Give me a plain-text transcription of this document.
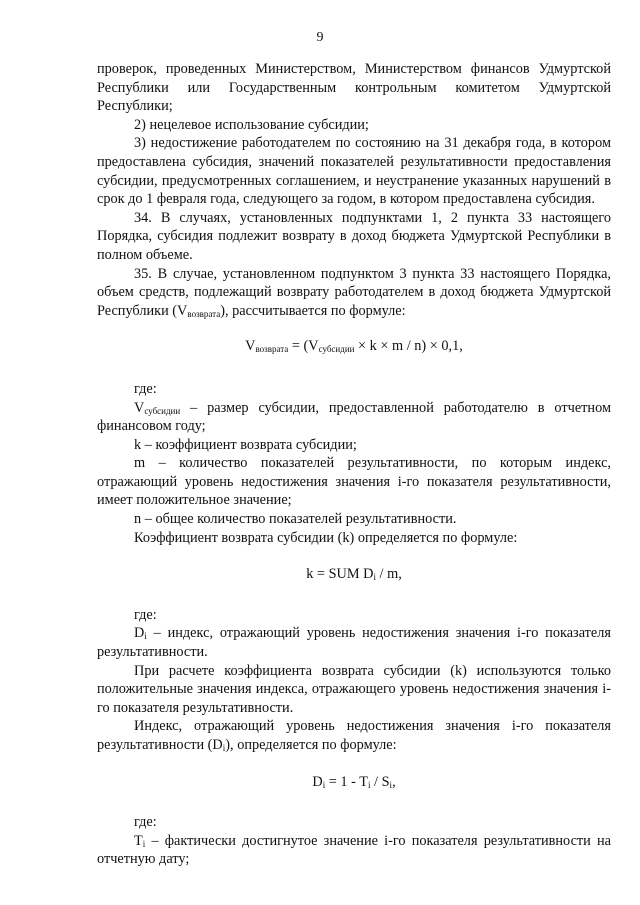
9

проверок, проведенных Министерством, Министерством финансов Удмуртской Республики или Государственным контрольным комитетом Удмуртской Республики;

2) нецелевое использование субсидии;

3) недостижение работодателем по состоянию на 31 декабря года, в котором предоставлена субсидия, значений показателей результативности предоставления субсидии, предусмотренных соглашением, и неустранение указанных нарушений в срок до 1 февраля года, следующего за годом, в котором предоставлена субсидия.

34. В случаях, установленных подпунктами 1, 2 пункта 33 настоящего Порядка, субсидия подлежит возврату в доход бюджета Удмуртской Республики в полном объеме.

35. В случае, установленном подпунктом 3 пункта 33 настоящего Порядка, объем средств, подлежащий возврату работодателем в доход бюджета Удмуртской Республики $(V_{возврата})$, рассчитывается по формуле:

$V_{возврата} = (V_{субсидии} \times k \times m / n) \times 0,1$,

где:

$V_{субсидии}$ – размер субсидии, предоставленной работодателю в отчетном финансовом году;

k – коэффициент возврата субсидии;

m – количество показателей результативности, по которым индекс, отражающий уровень недостижения значения i-го показателя результативности, имеет положительное значение;

n – общее количество показателей результативности.

Коэффициент возврата субсидии (k) определяется по формуле:

k = SUM $D_i$ / m,

где:

$D_i$ – индекс, отражающий уровень недостижения значения i-го показателя результативности.

При расчете коэффициента возврата субсидии (k) используются только положительные значения индекса, отражающего уровень недостижения значения i-го показателя результативности.

Индекс, отражающий уровень недостижения значения i-го показателя результативности $(D_i)$, определяется по формуле:

$D_i = 1 - T_i / S_i$,

где:

$T_i$ – фактически достигнутое значение i-го показателя результативности на отчетную дату;
